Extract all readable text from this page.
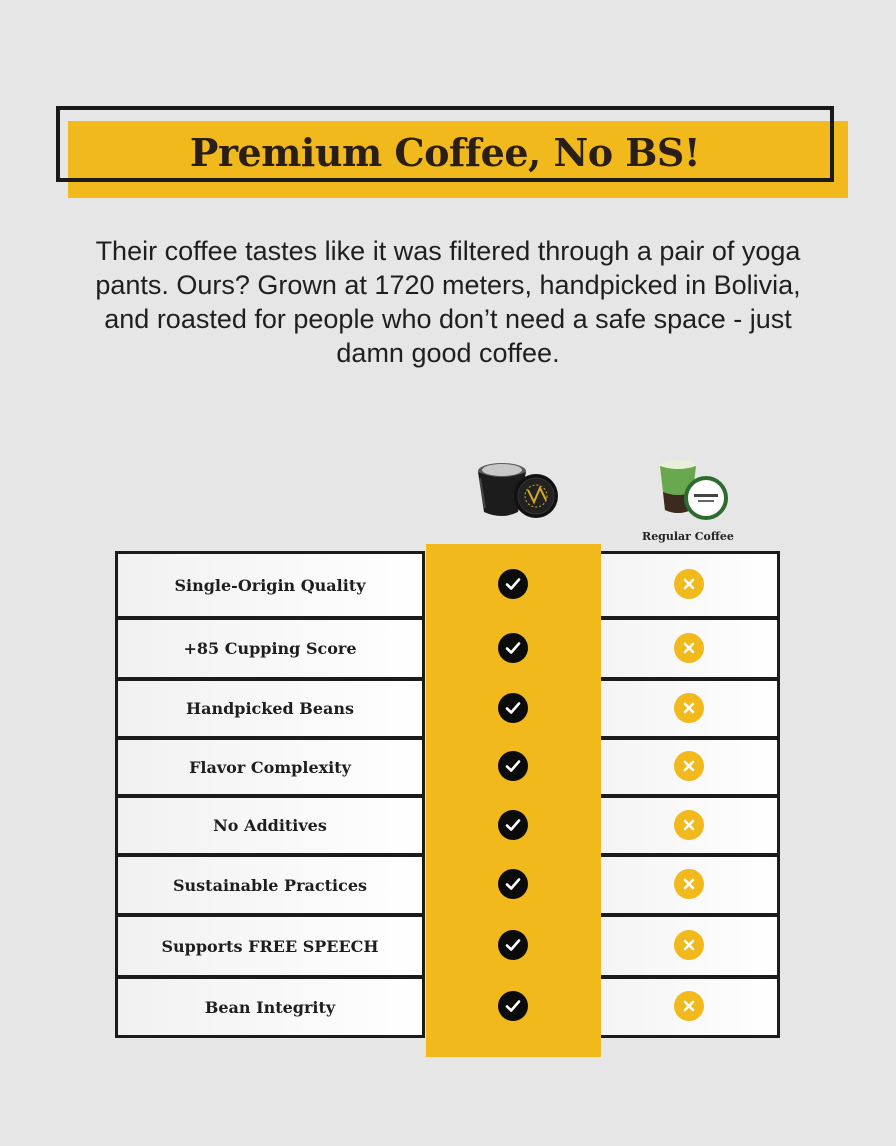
Premium Coffee, No BS!

Their coffee tastes like it was filtered through a pair of yoga pants. Ours? Grown at 1720 meters, handpicked in Bolivia, and roasted for people who don’t need a safe space - just damn good coffee.

Regular Coffee
Single-Origin Quality
+85 Cupping Score
Handpicked Beans
Flavor Complexity
No Additives
Sustainable Practices
Supports FREE SPEECH
Bean Integrity
